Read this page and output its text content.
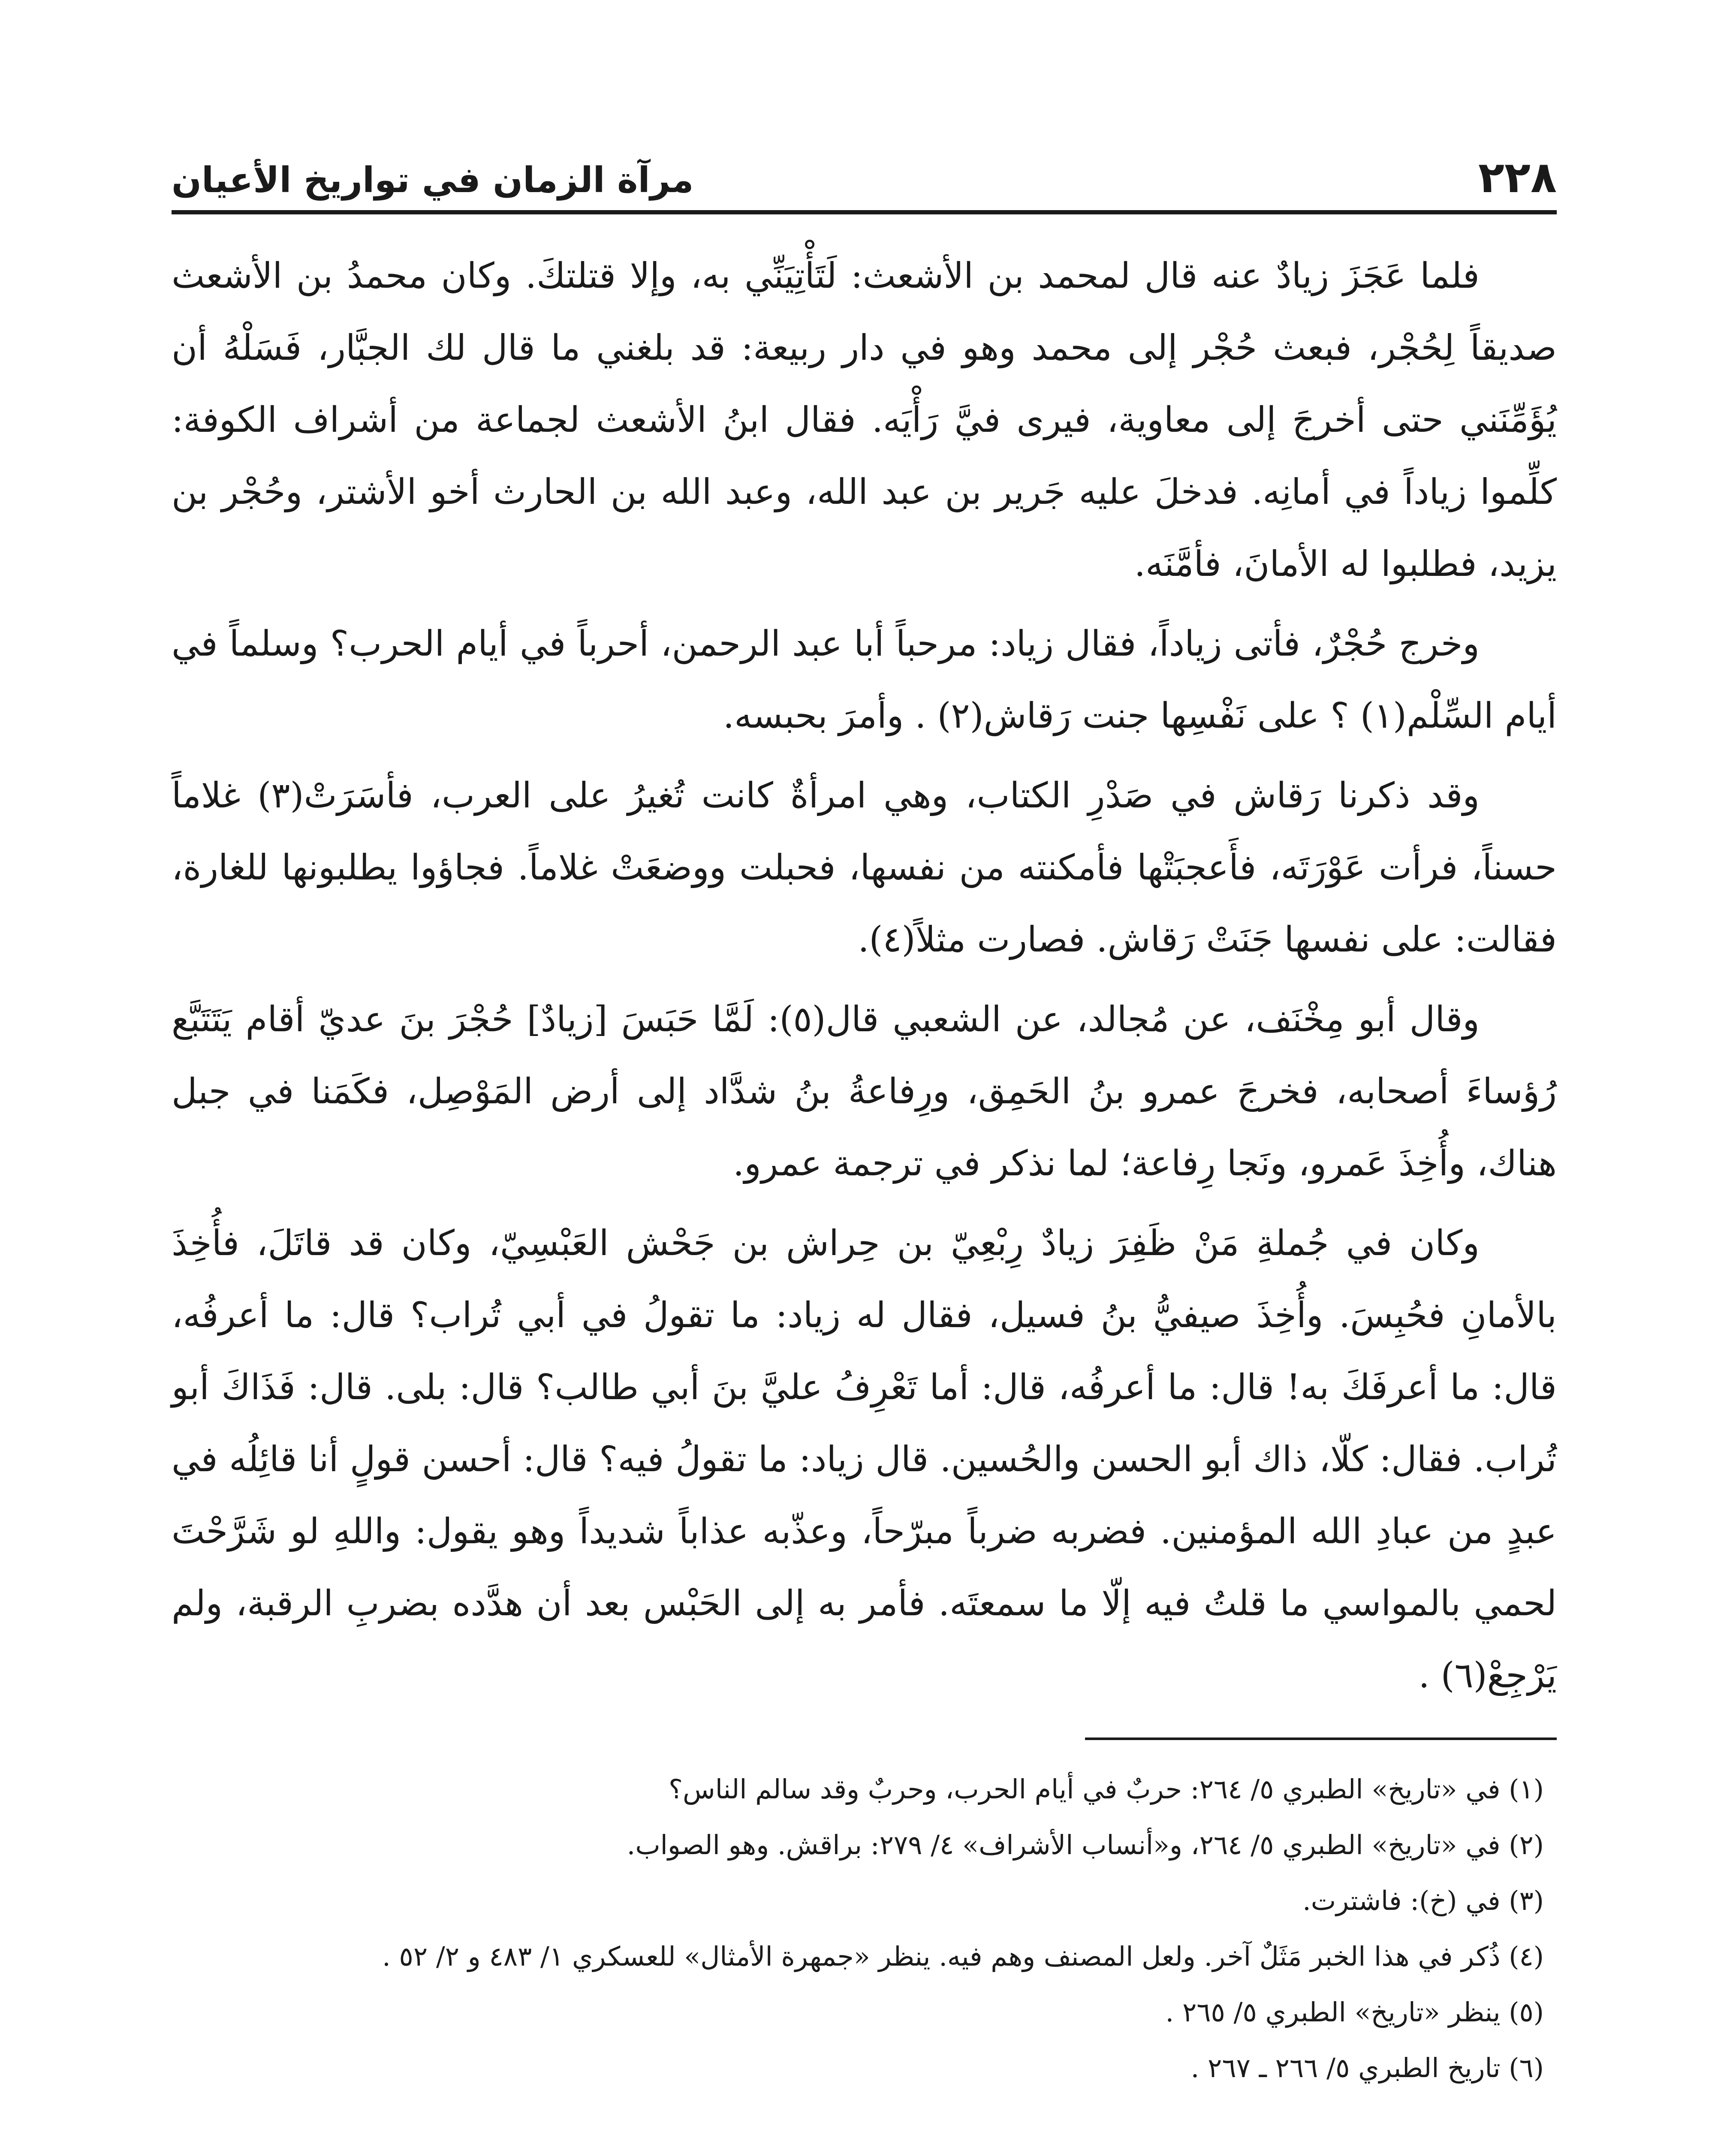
٢٢٨
مرآة الزمان في تواريخ الأعيان

فلما عَجَزَ زيادٌ عنه قال لمحمد بن الأشعث: لَتَأْتِيَنِّي به، وإلا قتلتكَ. وكان محمدُ بن الأشعث صديقاً لِحُجْر، فبعث حُجْر إلى محمد وهو في دار ربيعة: قد بلغني ما قال لك الجبَّار، فَسَلْهُ أن يُؤَمِّنَني حتى أخرجَ إلى معاوية، فيرى فيَّ رَأْيَه. فقال ابنُ الأشعث لجماعة من أشراف الكوفة: كلِّموا زياداً في أمانِه. فدخلَ عليه جَرير بن عبد الله، وعبد الله بن الحارث أخو الأشتر، وحُجْر بن يزيد، فطلبوا له الأمانَ، فأمَّنَه.

وخرج حُجْرٌ، فأتى زياداً، فقال زياد: مرحباً أبا عبد الرحمن، أحرباً في أيام الحرب؟ وسلماً في أيام السِّلْم(١) ؟ على نَفْسِها جنت رَقاش(٢) . وأمرَ بحبسه.

وقد ذكرنا رَقاش في صَدْرِ الكتاب، وهي امرأةٌ كانت تُغيرُ على العرب، فأسَرَتْ(٣) غلاماً حسناً، فرأت عَوْرَتَه، فأَعجبَتْها فأمكنته من نفسها، فحبلت ووضعَتْ غلاماً. فجاؤوا يطلبونها للغارة، فقالت: على نفسها جَنَتْ رَقاش. فصارت مثلاً(٤).

وقال أبو مِخْنَف، عن مُجالد، عن الشعبي قال(٥): لَمَّا حَبَسَ [زيادٌ] حُجْرَ بنَ عديّ أقام يَتَتَبَّع رُؤساءَ أصحابه، فخرجَ عمرو بنُ الحَمِق، ورِفاعةُ بنُ شدَّاد إلى أرض المَوْصِل، فكَمَنا في جبل هناك، وأُخِذَ عَمرو، ونَجا رِفاعة؛ لما نذكر في ترجمة عمرو.

وكان في جُملةِ مَنْ ظَفِرَ زيادٌ رِبْعِيّ بن حِراش بن جَحْش العَبْسِيّ، وكان قد قاتَلَ، فأُخِذَ بالأمانِ فحُبِسَ. وأُخِذَ صيفيُّ بنُ فسيل، فقال له زياد: ما تقولُ في أبي تُراب؟ قال: ما أعرفُه، قال: ما أعرفَكَ به! قال: ما أعرفُه، قال: أما تَعْرِفُ عليَّ بنَ أبي طالب؟ قال: بلى. قال: فَذَاكَ أبو تُراب. فقال: كلّا، ذاك أبو الحسن والحُسين. قال زياد: ما تقولُ فيه؟ قال: أحسن قولٍ أنا قائِلُه في عبدٍ من عبادِ الله المؤمنين. فضربه ضرباً مبرّحاً، وعذّبه عذاباً شديداً وهو يقول: واللهِ لو شَرَّحْتَ لحمي بالمواسي ما قلتُ فيه إلّا ما سمعتَه. فأمر به إلى الحَبْس بعد أن هدَّده بضربِ الرقبة، ولم يَرْجِعْ(٦) .

(١) في «تاريخ» الطبري ٥/ ٢٦٤: حربٌ في أيام الحرب، وحربٌ وقد سالم الناس؟

(٢) في «تاريخ» الطبري ٥/ ٢٦٤، و«أنساب الأشراف» ٤/ ٢٧٩: براقش. وهو الصواب.

(٣) في (خ): فاشترت.

(٤) ذُكر في هذا الخبر مَثَلٌ آخر. ولعل المصنف وهم فيه. ينظر «جمهرة الأمثال» للعسكري ١/ ٤٨٣ و ٢/ ٥٢ .

(٥) ينظر «تاريخ» الطبري ٥/ ٢٦٥ .

(٦) تاريخ الطبري ٥/ ٢٦٦ ـ ٢٦٧ .
